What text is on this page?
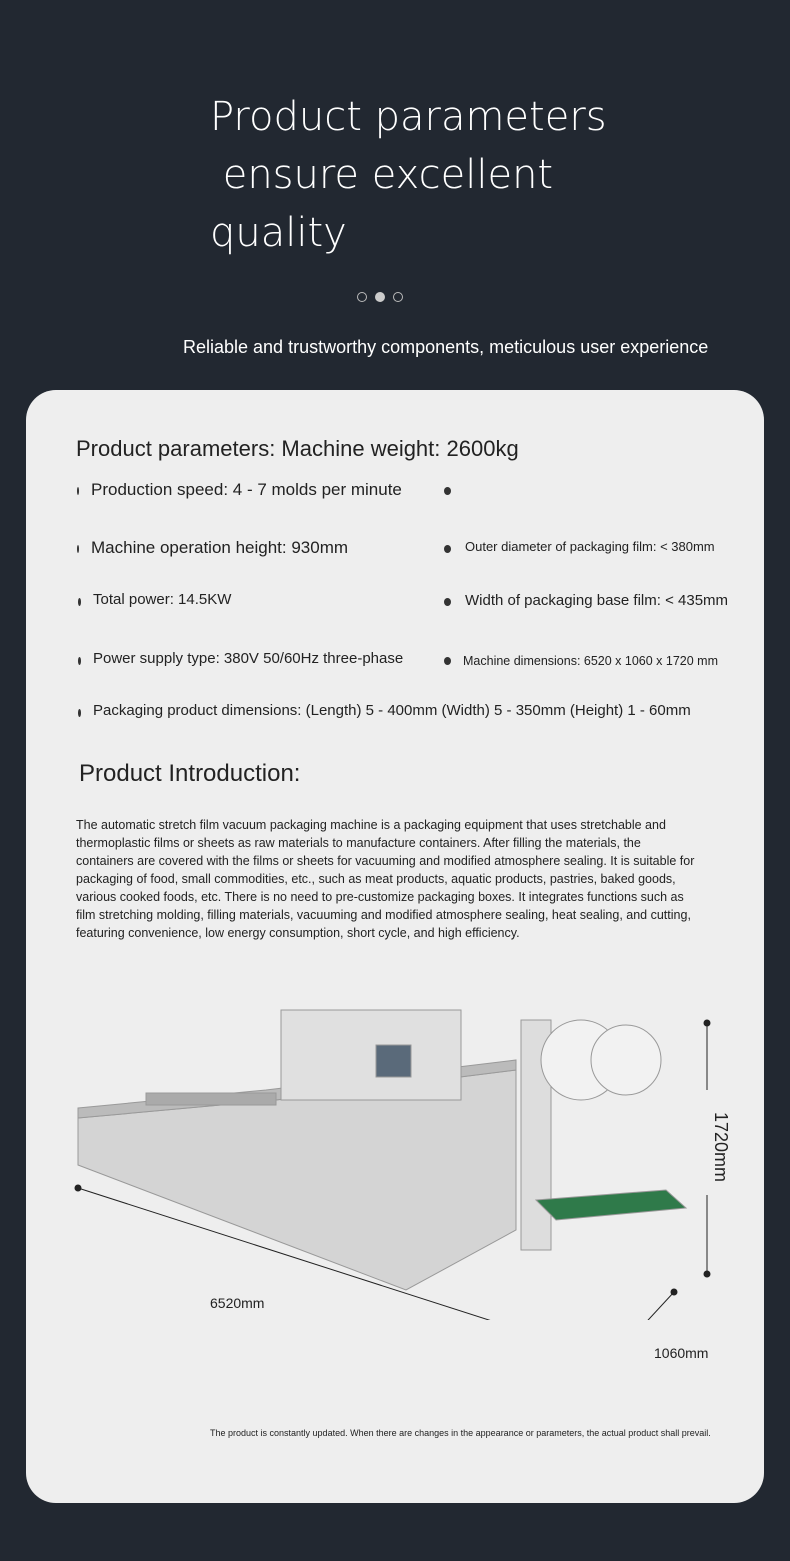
Product parameters
ensure excellent
quality
Reliable and trustworthy components, meticulous user experience
Product parameters: Machine weight: 2600kg
Production speed: 4 - 7 molds per minute
Machine operation height: 930mm	Outer diameter of packaging film: < 380mm
Total power: 14.5KW	Width of packaging base film: < 435mm
Power supply type: 380V 50/60Hz three-phase	Machine dimensions: 6520 x 1060 x 1720 mm
Packaging product dimensions: (Length) 5 - 400mm (Width) 5 - 350mm (Height) 1 - 60mm
Product Introduction:
The automatic stretch film vacuum packaging machine is a packaging equipment that uses stretchable and thermoplastic films or sheets as raw materials to manufacture containers. After filling the materials, the containers are covered with the films or sheets for vacuuming and modified atmosphere sealing. It is suitable for packaging of food, small commodities, etc., such as meat products, aquatic products, pastries, baked goods, various cooked foods, etc. There is no need to pre-customize packaging boxes. It integrates functions such as film stretching molding, filling materials, vacuuming and modified atmosphere sealing, heat sealing, and cutting, featuring convenience, low energy consumption, short cycle, and high efficiency.
6520mm
1060mm
1720mm
The product is constantly updated. When there are changes in the appearance or parameters, the actual product shall prevail.
